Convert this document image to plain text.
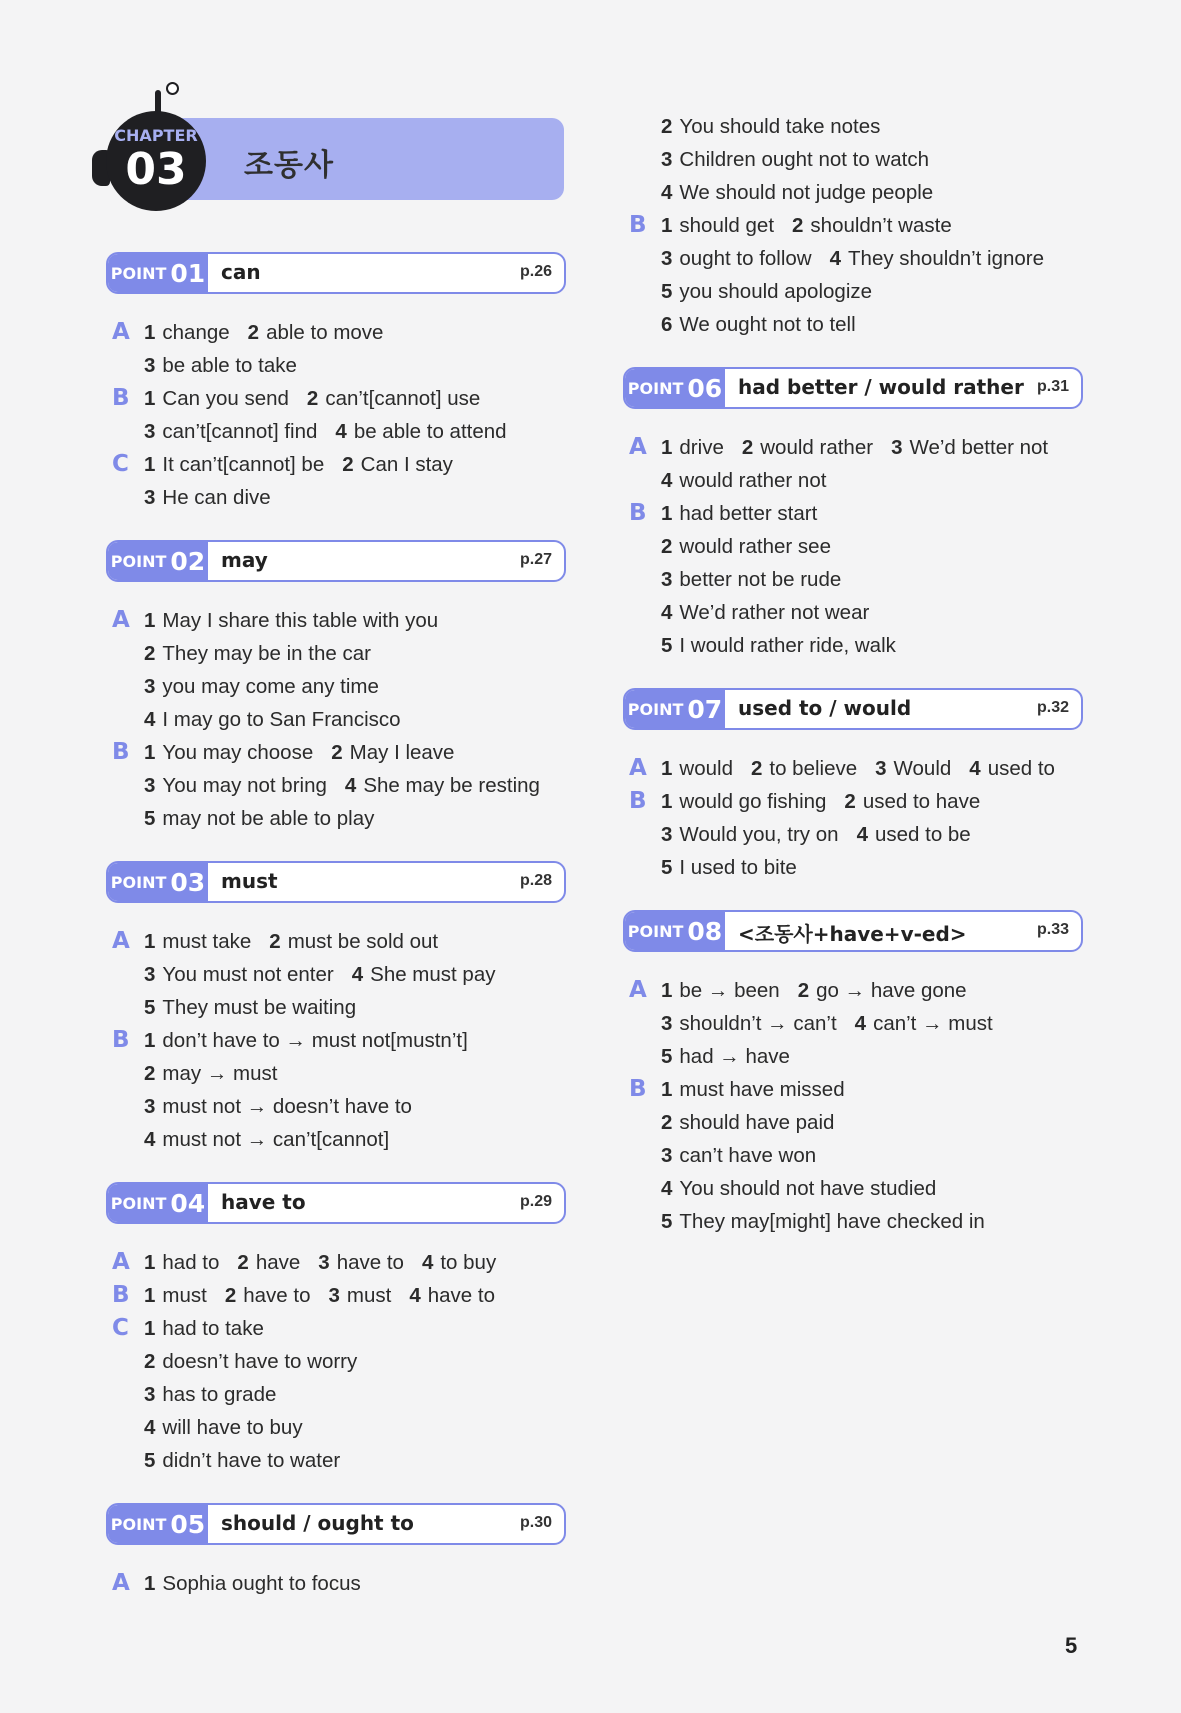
CHAPTER
03	조동사
POINT 01 can	p.26
A 1 change 2 able to move
3 be able to take
B 1 Can you send 2 can’t[cannot] use
3 can’t[cannot] find 4 be able to attend
C 1 It can’t[cannot] be 2 Can I stay
3 He can dive
POINT 02 may	p.27
A 1 May I share this table with you
2 They may be in the car
3 you may come any time
4 I may go to San Francisco
B 1 You may choose 2 May I leave
3 You may not bring 4 She may be resting
5 may not be able to play
POINT 03 must	p.28
A 1 must take 2 must be sold out
3 You must not enter 4 She must pay
5 They must be waiting
B 1 don’t have to → must not[mustn’t]
2 may → must
3 must not → doesn’t have to
4 must not → can’t[cannot]
POINT 04 have to	p.29
A 1 had to 2 have 3 have to 4 to buy
B 1 must 2 have to 3 must 4 have to
C 1 had to take
2 doesn’t have to worry
3 has to grade
4 will have to buy
5 didn’t have to water
POINT 05 should / ought to	p.30
A 1 Sophia ought to focus
2 You should take notes
3 Children ought not to watch
4 We should not judge people
B 1 should get 2 shouldn’t waste
3 ought to follow 4 They shouldn’t ignore
5 you should apologize
6 We ought not to tell
POINT 06 had better / would rather p.31
A 1 drive 2 would rather 3 We’d better not
4 would rather not
B 1 had better start
2 would rather see
3 better not be rude
4 We’d rather not wear
5 I would rather ride, walk
POINT 07 used to / would	p.32
A 1 would 2 to believe 3 Would 4 used to
B 1 would go fishing 2 used to have
3 Would you, try on 4 used to be
5 I used to bite
POINT 08 <조동사+have+v-ed>	p.33
A 1 be → been 2 go → have gone
3 shouldn’t → can’t 4 can’t → must
5 had → have
B 1 must have missed
2 should have paid
3 can’t have won
4 You should not have studied
5 They may[might] have checked in
5
